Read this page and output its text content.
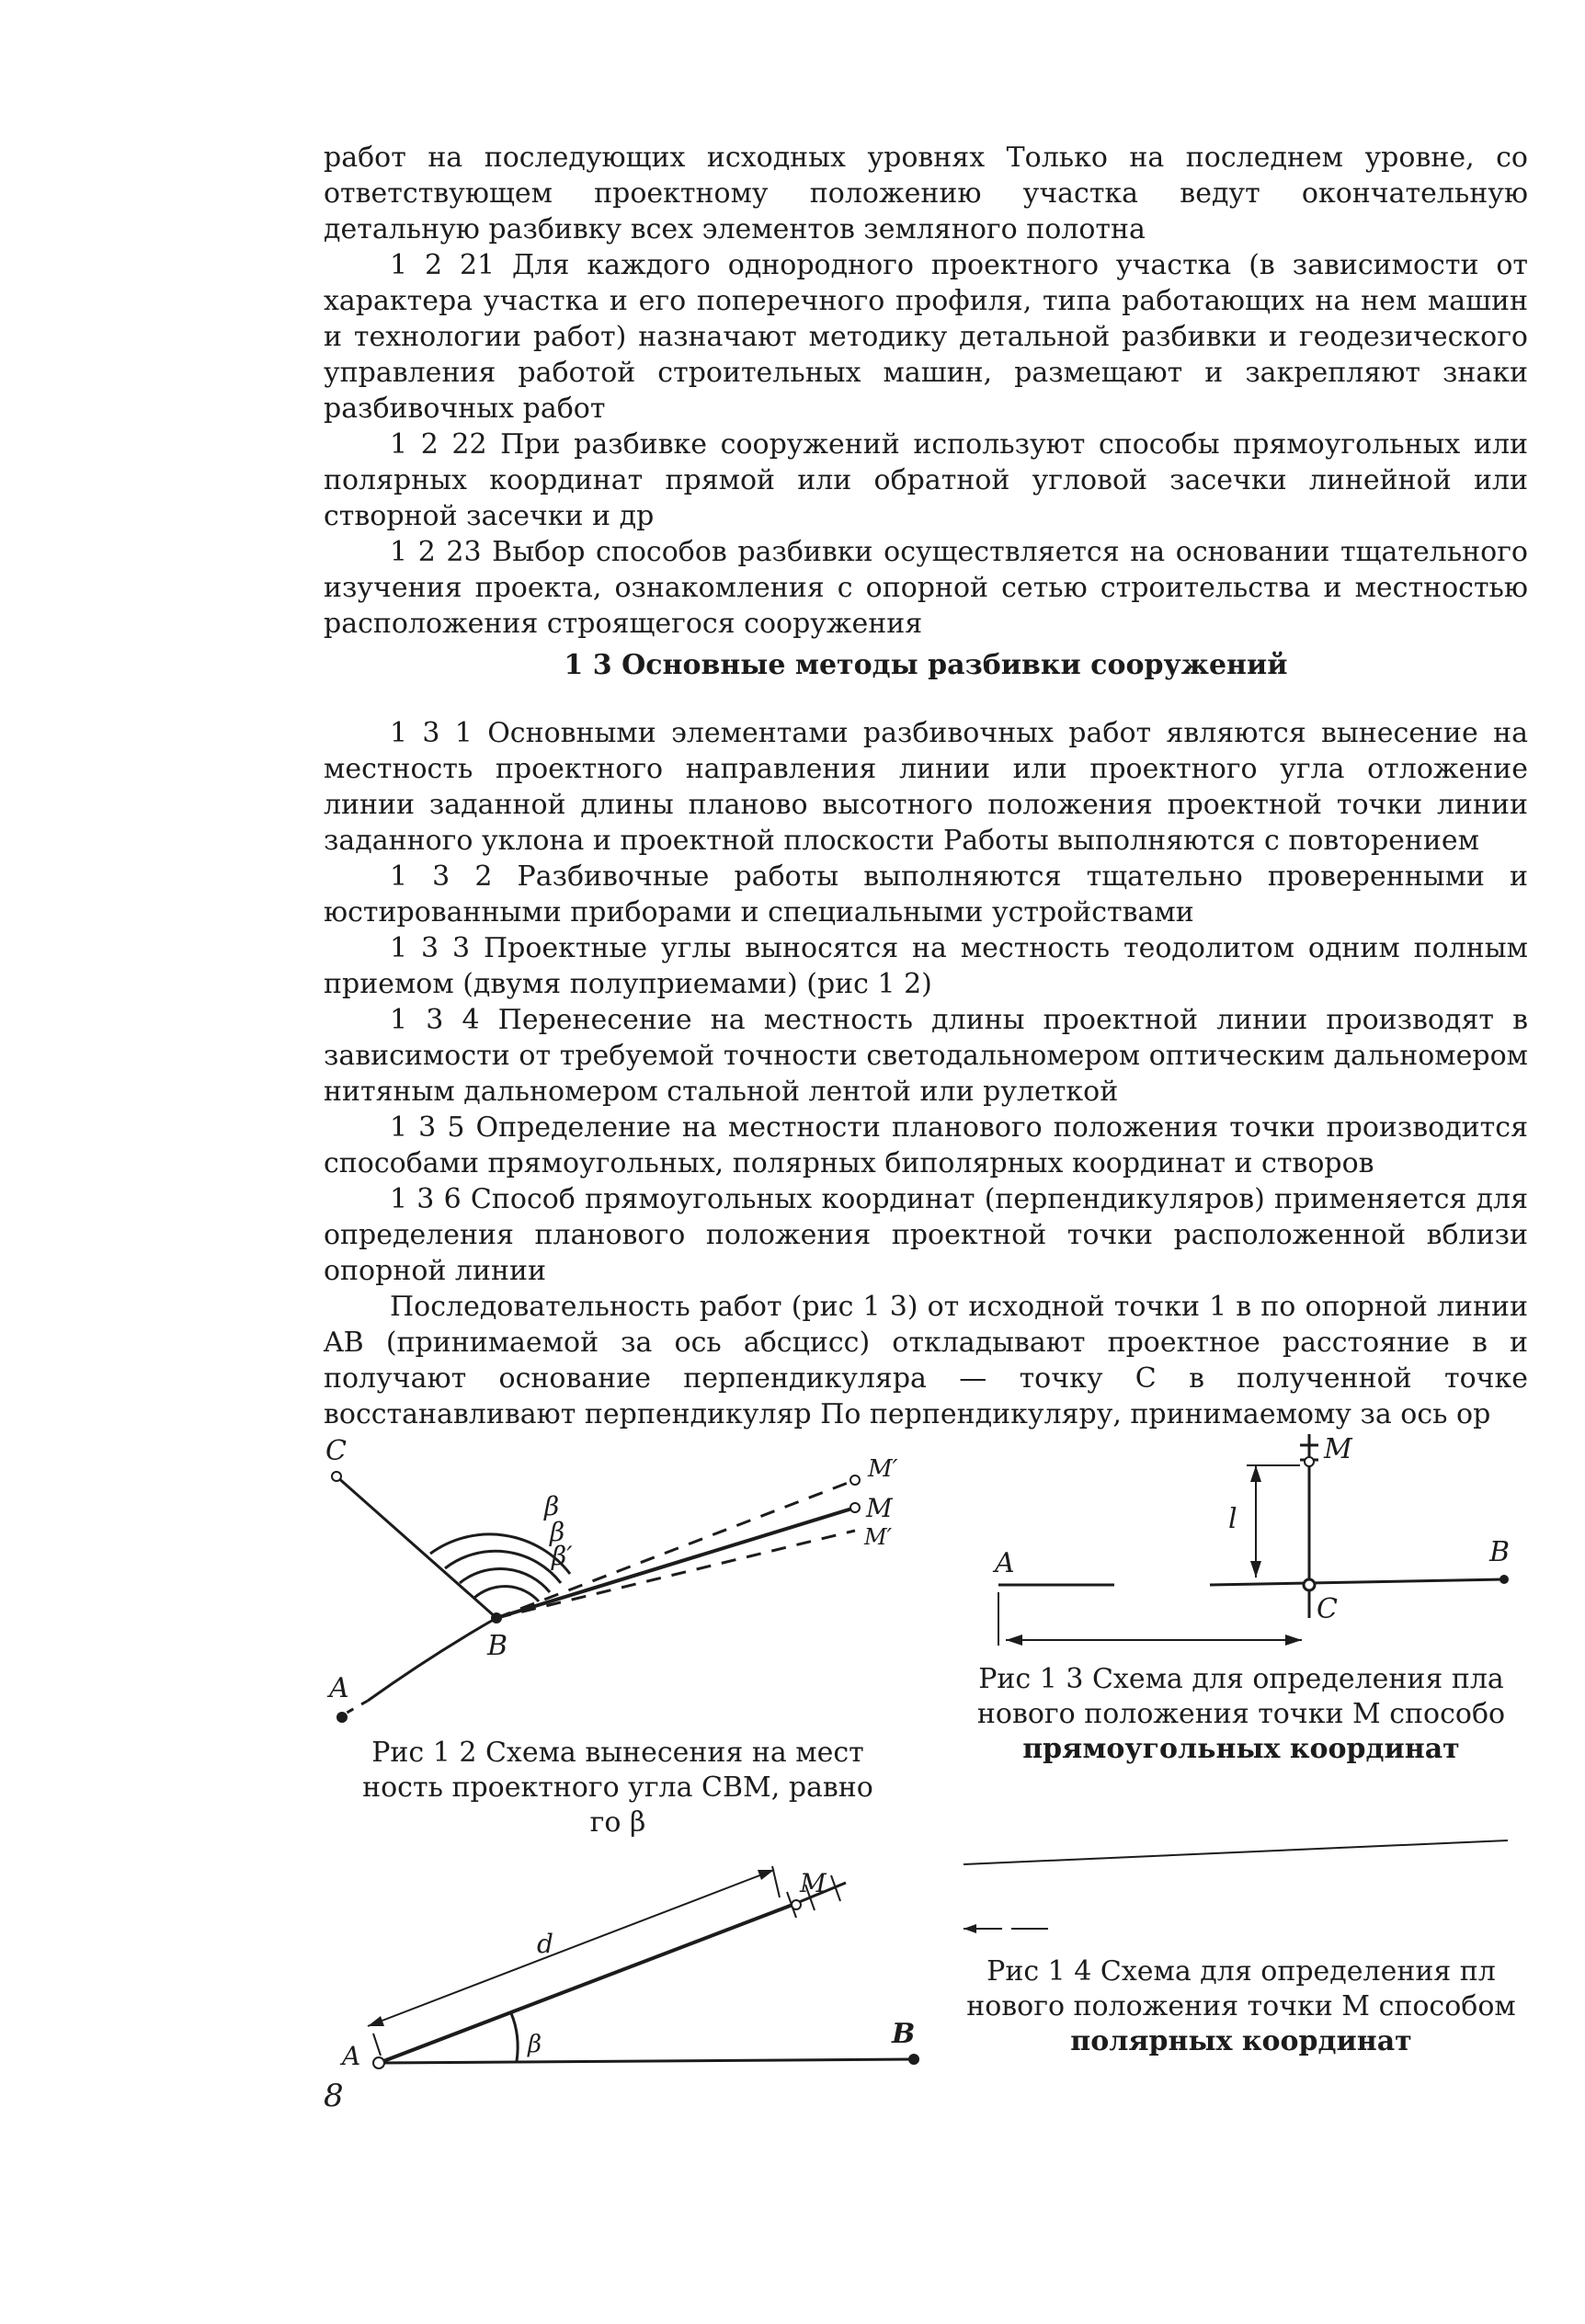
работ на последующих исходных уровнях Только на последнем уровне, со ответствующем проектному положению участка ведут окончательную детальную разбивку всех элементов земляного полотна

1 2 21 Для каждого однородного проектного участка (в зависимости от характера участка и его поперечного профиля, типа работающих на нем машин и технологии работ) назначают методику детальной разбивки и геодезического управления работой строительных машин, размещают и закрепляют знаки разбивочных работ

1 2 22 При разбивке сооружений используют способы прямоугольных или полярных координат прямой или обратной угловой засечки линейной или створной засечки и др

1 2 23 Выбор способов разбивки осуществляется на основании тщательного изучения проекта, ознакомления с опорной сетью строительства и местностью расположения строящегося сооружения

1 3 Основные методы разбивки сооружений

1 3 1 Основными элементами разбивочных работ являются вынесение на местность проектного направления линии или проектного угла отложение линии заданной длины планово высотного положения проектной точки линии заданного уклона и проектной плоскости Работы выполняются с повторением

1 3 2 Разбивочные работы выполняются тщательно проверенными и юстированными приборами и специальными устройствами

1 3 3 Проектные углы выносятся на местность теодолитом одним полным приемом (двумя полуприемами) (рис 1 2)

1 3 4 Перенесение на местность длины проектной линии производят в зависимости от требуемой точности светодальномером оптическим дальномером нитяным дальномером стальной лентой или рулеткой

1 3 5 Определение на местности планового положения точки производится способами прямоугольных, полярных биполярных координат и створов

1 3 6 Способ прямоугольных координат (перпендикуляров) применяется для определения планового положения проектной точки расположенной вблизи опорной линии

Последовательность работ (рис 1 3) от исходной точки 1 в по опорной линии AB (принимаемой за ось абсцисс) откладывают проектное расстояние в и получают основание перпендикуляра — точку C в полученной точке восстанавливают перпендикуляр По перпендикуляру, принимаемому за ось ор

C
A
B
β
β
β′
M′
M
M′
Рис 1 2 Схема вынесения на мест
ность проектного угла CBM, равно
го β
A	B
C
M
l
Рис 1 3 Схема для определения пла
нового положения точки M способо
прямоугольных координат
A
B
M
d
β
Рис 1 4 Схема для определения пл
нового положения точки M способом
полярных координат

8
